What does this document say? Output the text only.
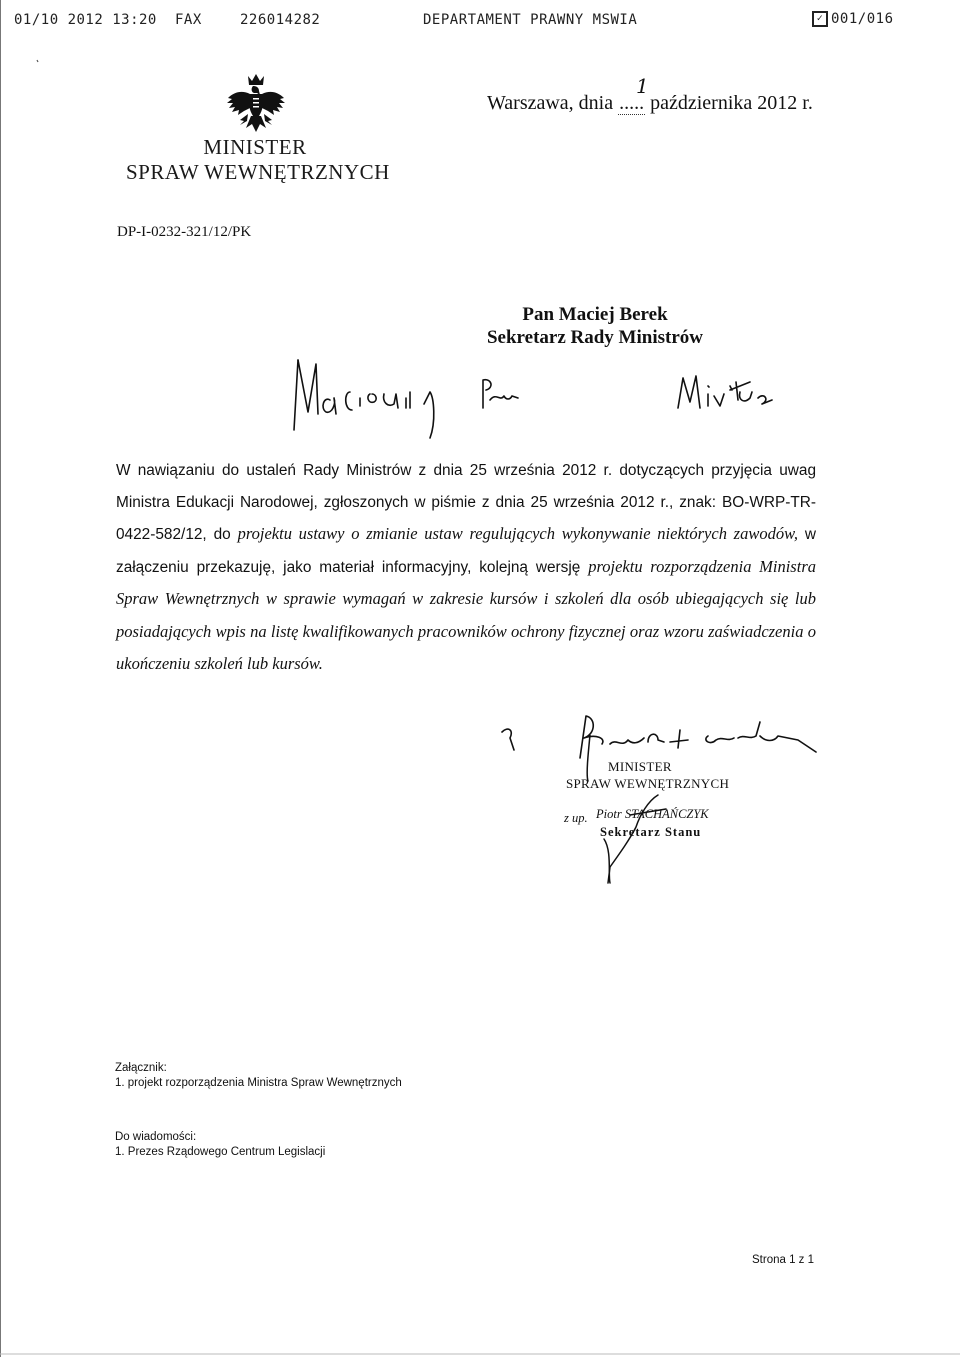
01/10 2012 13:20 FAX	226014282	DEPARTAMENT PRAWNY MSWIA	✓ 001/016
MINISTER
SPRAW WEWNĘTRZNYCH
Warszawa, dnia ..... października 2012 r.
1
DP-I-0232-321/12/PK
Pan Maciej Berek
Sekretarz Rady Ministrów
W nawiązaniu do ustaleń Rady Ministrów z dnia 25 września 2012 r. dotyczących przyjęcia uwag Ministra Edukacji Narodowej, zgłoszonych w piśmie z dnia 25 września 2012 r., znak: BO-WRP-TR-0422-582/12, do projektu ustawy o zmianie ustaw regulujących wykonywanie niektórych zawodów, w załączeniu przekazuję, jako materiał informacyjny, kolejną wersję projektu rozporządzenia Ministra Spraw Wewnętrznych w sprawie wymagań w zakresie kursów i szkoleń dla osób ubiegających się lub posiadających wpis na listę kwalifikowanych pracowników ochrony fizycznej oraz wzoru zaświadczenia o ukończeniu szkoleń lub kursów.
MINISTER
SPRAW WEWNĘTRZNYCH
z up. Piotr STACHAŃCZYK
Sekretarz Stanu
Załącznik:
1. projekt rozporządzenia Ministra Spraw Wewnętrznych
Do wiadomości:
1. Prezes Rządowego Centrum Legislacji
Strona 1 z 1
